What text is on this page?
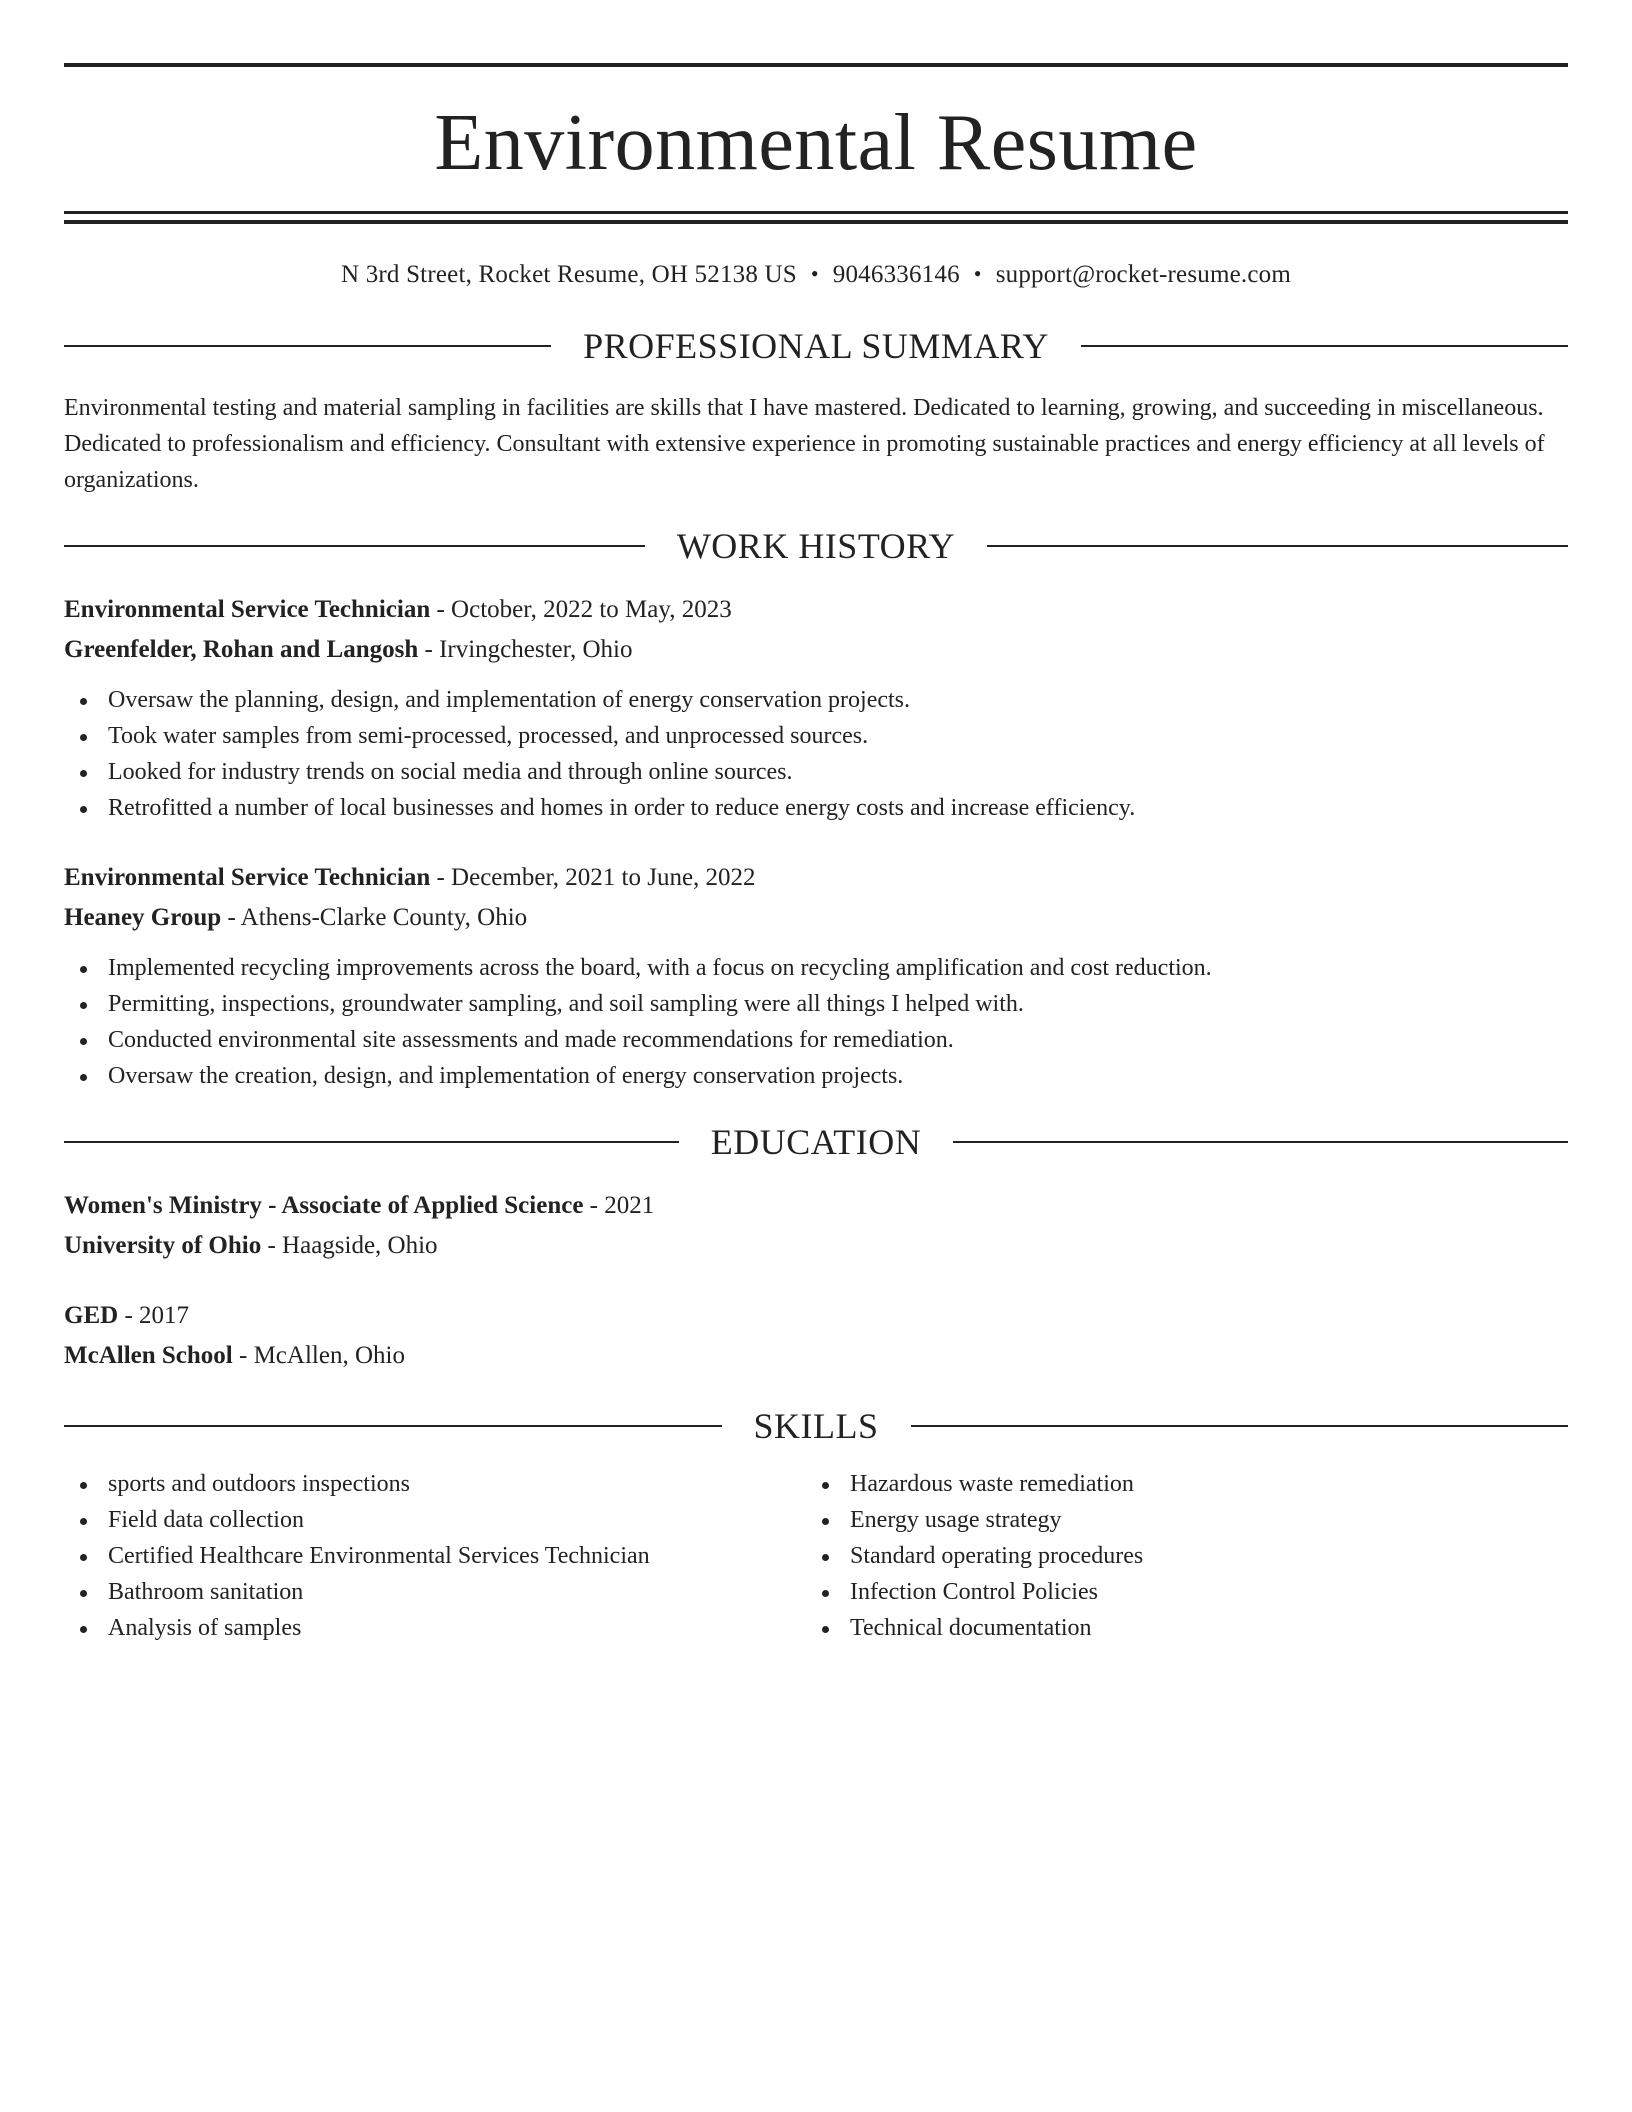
Environmental Resume
N 3rd Street, Rocket Resume, OH 52138 US • 9046336146 • support@rocket-resume.com
PROFESSIONAL SUMMARY

Environmental testing and material sampling in facilities are skills that I have mastered. Dedicated to learning, growing, and succeeding in miscellaneous. Dedicated to professionalism and efficiency. Consultant with extensive experience in promoting sustainable practices and energy efficiency at all levels of organizations.

WORK HISTORY

Environmental Service Technician - October, 2022 to May, 2023

Greenfelder, Rohan and Langosh - Irvingchester, Ohio

Oversaw the planning, design, and implementation of energy conservation projects.
Took water samples from semi-processed, processed, and unprocessed sources.
Looked for industry trends on social media and through online sources.
Retrofitted a number of local businesses and homes in order to reduce energy costs and increase efficiency.

Environmental Service Technician - December, 2021 to June, 2022

Heaney Group - Athens-Clarke County, Ohio

Implemented recycling improvements across the board, with a focus on recycling amplification and cost reduction.
Permitting, inspections, groundwater sampling, and soil sampling were all things I helped with.
Conducted environmental site assessments and made recommendations for remediation.
Oversaw the creation, design, and implementation of energy conservation projects.
EDUCATION

Women's Ministry - Associate of Applied Science - 2021

University of Ohio - Haagside, Ohio

GED - 2017

McAllen School - McAllen, Ohio

SKILLS
sports and outdoors inspections
Field data collection
Certified Healthcare Environmental Services Technician
Bathroom sanitation
Analysis of samples
Hazardous waste remediation
Energy usage strategy
Standard operating procedures
Infection Control Policies
Technical documentation
